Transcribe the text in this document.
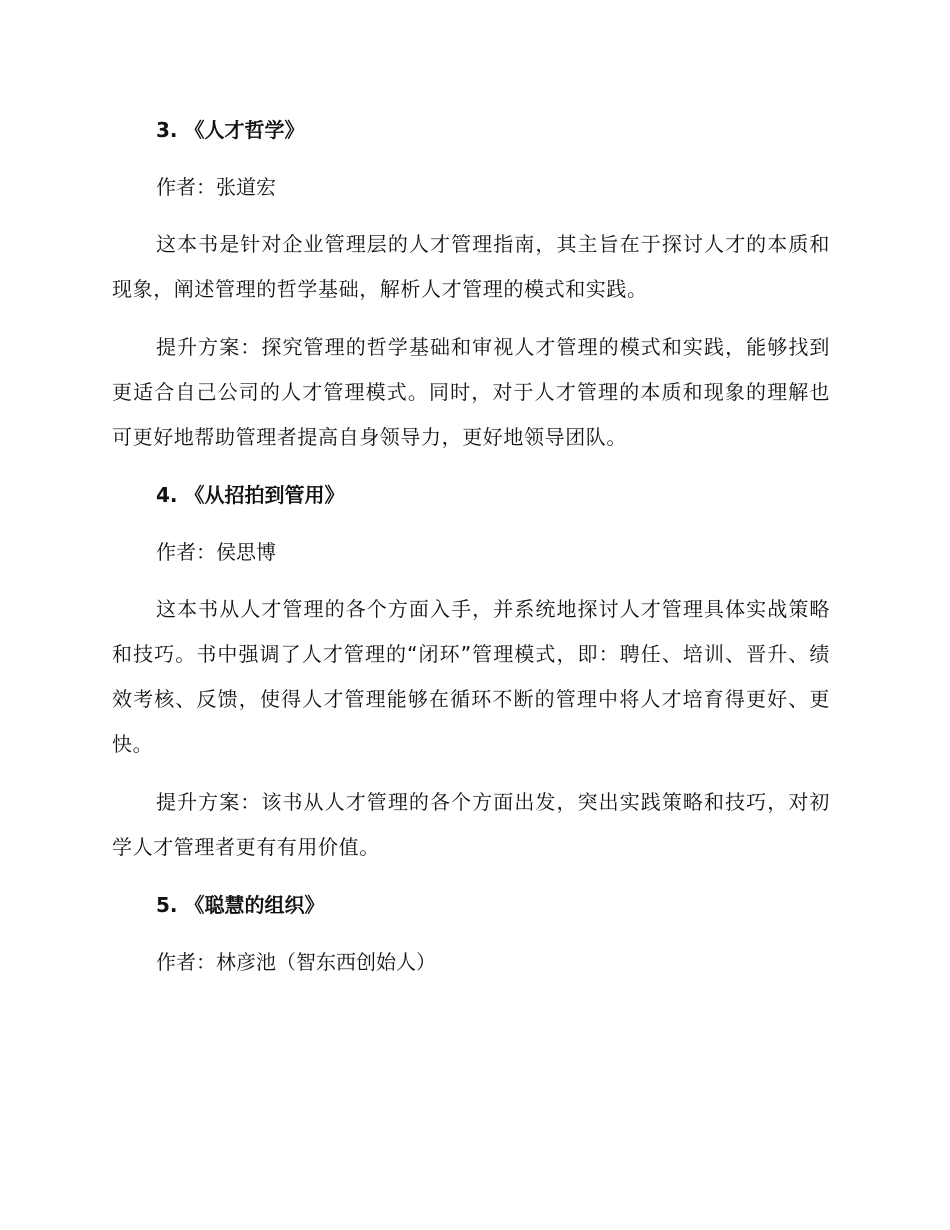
3. 《人才哲学》
作者：张道宏

这本书是针对企业管理层的人才管理指南，其主旨在于探讨人才的本质和现象，阐述管理的哲学基础，解析人才管理的模式和实践。

提升方案：探究管理的哲学基础和审视人才管理的模式和实践，能够找到更适合自己公司的人才管理模式。同时，对于人才管理的本质和现象的理解也可更好地帮助管理者提高自身领导力，更好地领导团队。

4. 《从招拍到管用》
作者：侯思博

这本书从人才管理的各个方面入手，并系统地探讨人才管理具体实战策略和技巧。书中强调了人才管理的“闭环”管理模式，即：聘任、培训、晋升、绩效考核、反馈，使得人才管理能够在循环不断的管理中将人才培育得更好、更快。

提升方案：该书从人才管理的各个方面出发，突出实践策略和技巧，对初学人才管理者更有有用价值。

5. 《聪慧的组织》
作者：林彦池（智东西创始人）
